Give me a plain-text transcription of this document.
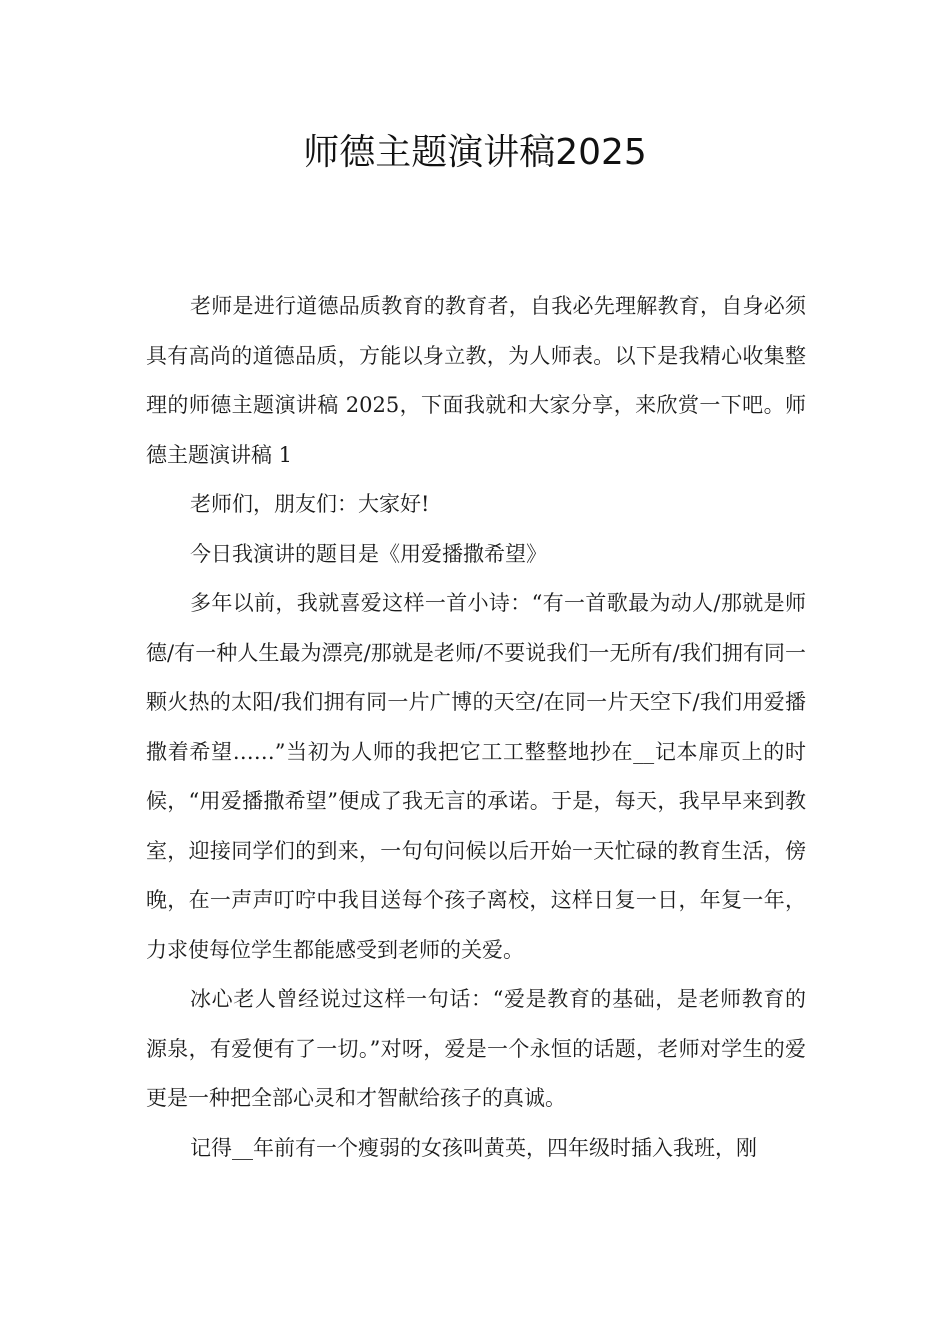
师德主题演讲稿2025

老师是进行道德品质教育的教育者，自我必先理解教育，自身必须具有高尚的道德品质，方能以身立教，为人师表。以下是我精心收集整理的师德主题演讲稿 2025，下面我就和大家分享，来欣赏一下吧。师德主题演讲稿 1

老师们，朋友们：大家好!

今日我演讲的题目是《用爱播撒希望》

多年以前，我就喜爱这样一首小诗：“有一首歌最为动人/那就是师德/有一种人生最为漂亮/那就是老师/不要说我们一无所有/我们拥有同一颗火热的太阳/我们拥有同一片广博的天空/在同一片天空下/我们用爱播撒着希望……”当初为人师的我把它工工整整地抄在__记本扉页上的时候，“用爱播撒希望”便成了我无言的承诺。于是，每天，我早早来到教室，迎接同学们的到来，一句句问候以后开始一天忙碌的教育生活，傍晚，在一声声叮咛中我目送每个孩子离校，这样日复一日，年复一年，力求使每位学生都能感受到老师的关爱。

冰心老人曾经说过这样一句话：“爱是教育的基础，是老师教育的源泉，有爱便有了一切。”对呀，爱是一个永恒的话题，老师对学生的爱更是一种把全部心灵和才智献给孩子的真诚。

记得__年前有一个瘦弱的女孩叫黄英，四年级时插入我班，刚
